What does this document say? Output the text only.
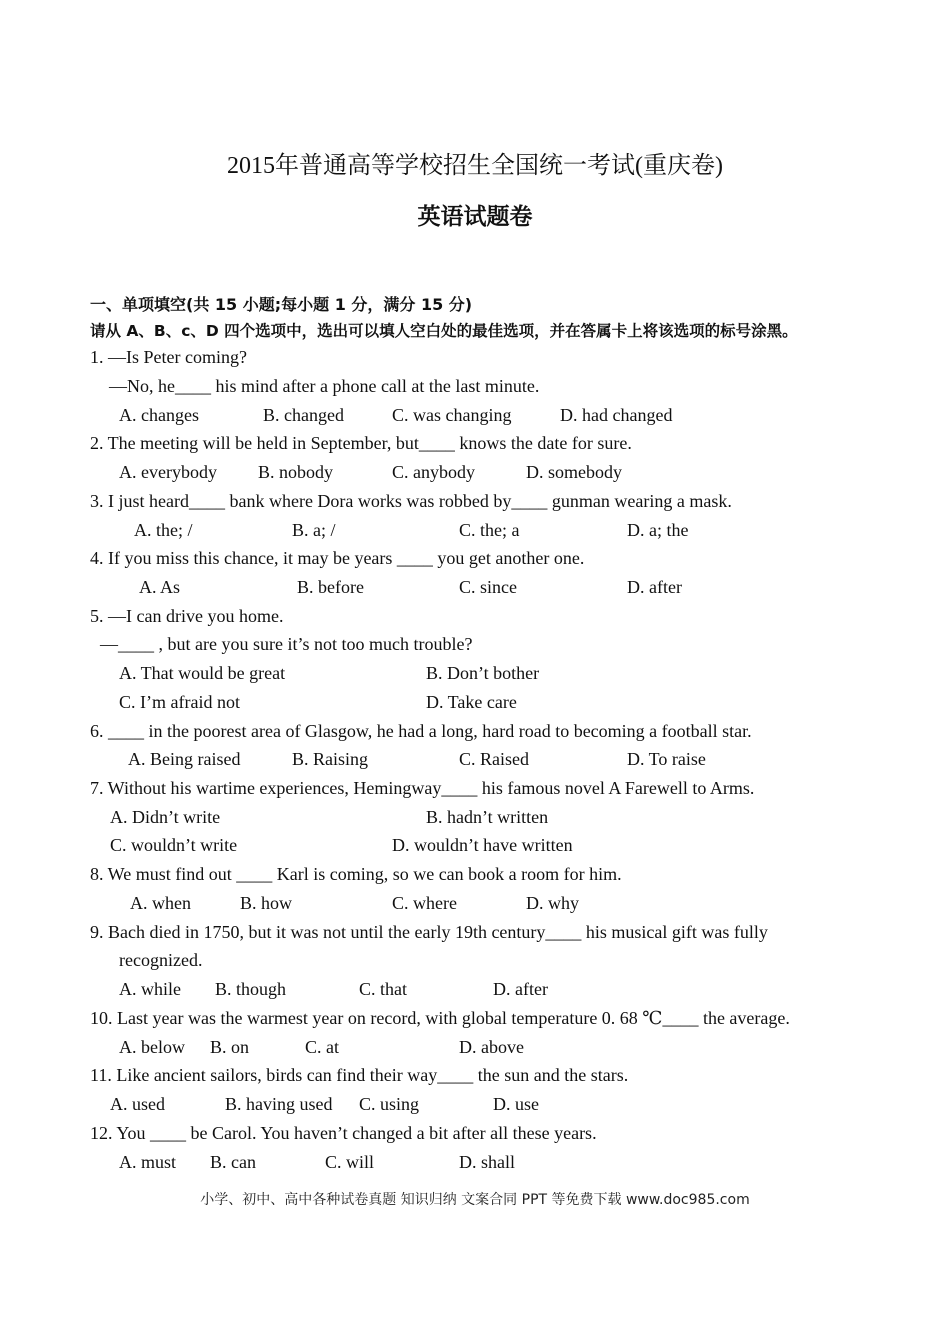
2015年普通高等学校招生全国统一考试(重庆卷)
英语试题卷
一、单项填空(共 15 小题;每小题 1 分，满分 15 分)
请从 A、B、c、D 四个选项中，选出可以填人空白处的最佳选项，并在答属卡上将该选项的标号涂黑。
1. —Is Peter coming?
—No, he____ his mind after a phone call at the last minute.
A. changes	B. changed	C. was changing	D. had changed
2. The meeting will be held in September, but____ knows the date for sure.
A. everybody B. nobody	C. anybody	D. somebody
3. I just heard____ bank where Dora works was robbed by____ gunman wearing a mask.
A. the; /	B. a; /	C. the; a	D. a; the
4. If you miss this chance, it may be years ____ you get another one.
A. As	B. before	C. since	D. after
5. —I can drive you home.
—____ , but are you sure it’s not too much trouble?
A. That would be great	B. Don’t bother
C. I’m afraid not	D. Take care
6. ____ in the poorest area of Glasgow, he had a long, hard road to becoming a football star.
A. Being raised	B. Raising	C. Raised	D. To raise
7. Without his wartime experiences, Hemingway____ his famous novel A Farewell to Arms.
A. Didn’t write	B. hadn’t written
C. wouldn’t write	D. wouldn’t have written
8. We must find out ____ Karl is coming, so we can book a room for him.
A. when	B. how	C. where	D. why
9. Bach died in 1750, but it was not until the early 19th century____ his musical gift was fully
recognized.
A. while B. though	C. that	D. after
10. Last year was the warmest year on record, with global temperature 0. 68 ℃____ the average.
A. below B. on	C. at	D. above
11. Like ancient sailors, birds can find their way____ the sun and the stars.
A. used	B. having used C. using	D. use
12. You ____ be Carol. You haven’t changed a bit after all these years.
A. must B. can	C. will	D. shall
小学、初中、高中各种试卷真题 知识归纳 文案合同 PPT 等免费下载 www.doc985.com
